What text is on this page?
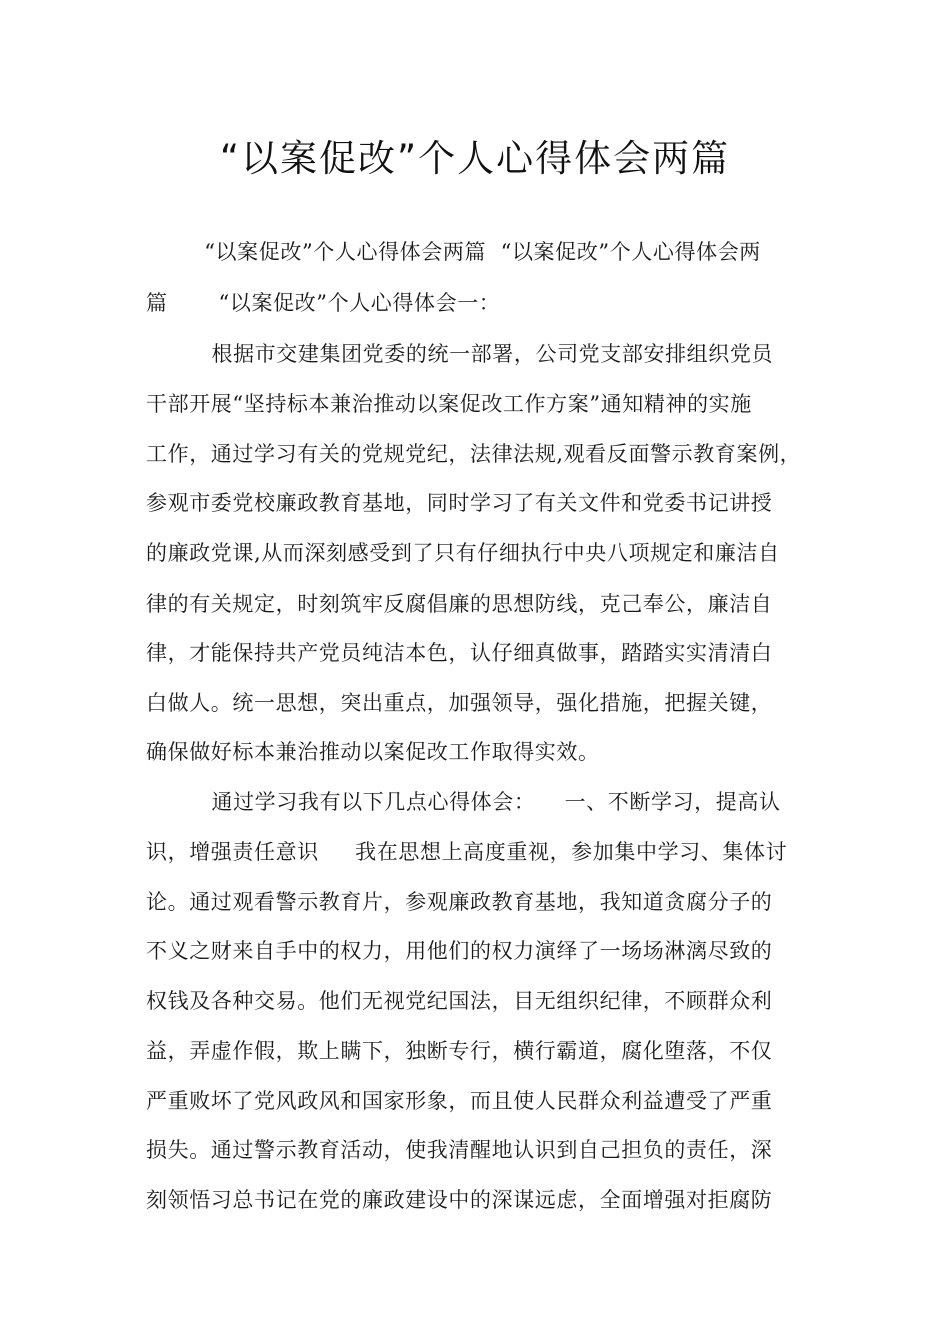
“以案促改”个人心得体会两篇
“以案促改”个人心得体会两篇  “以案促改”个人心得体会两
篇       “以案促改”个人心得体会一：
根据市交建集团党委的统一部署，公司党支部安排组织党员
干部开展“坚持标本兼治推动以案促改工作方案”通知精神的实施
工作，通过学习有关的党规党纪，法律法规,观看反面警示教育案例，
参观市委党校廉政教育基地，同时学习了有关文件和党委书记讲授
的廉政党课,从而深刻感受到了只有仔细执行中央八项规定和廉洁自
律的有关规定，时刻筑牢反腐倡廉的思想防线，克己奉公，廉洁自
律，才能保持共产党员纯洁本色，认仔细真做事，踏踏实实清清白
白做人。统一思想，突出重点，加强领导，强化措施，把握关键，
确保做好标本兼治推动以案促改工作取得实效。
通过学习我有以下几点心得体会：    一、不断学习，提高认
识，增强责任意识     我在思想上高度重视，参加集中学习、集体讨
论。通过观看警示教育片，参观廉政教育基地，我知道贪腐分子的
不义之财来自手中的权力，用他们的权力演绎了一场场淋漓尽致的
权钱及各种交易。他们无视党纪国法，目无组织纪律，不顾群众利
益，弄虚作假，欺上瞒下，独断专行，横行霸道，腐化堕落，不仅
严重败坏了党风政风和国家形象，而且使人民群众利益遭受了严重
损失。通过警示教育活动，使我清醒地认识到自己担负的责任，深
刻领悟习总书记在党的廉政建设中的深谋远虑，全面增强对拒腐防
